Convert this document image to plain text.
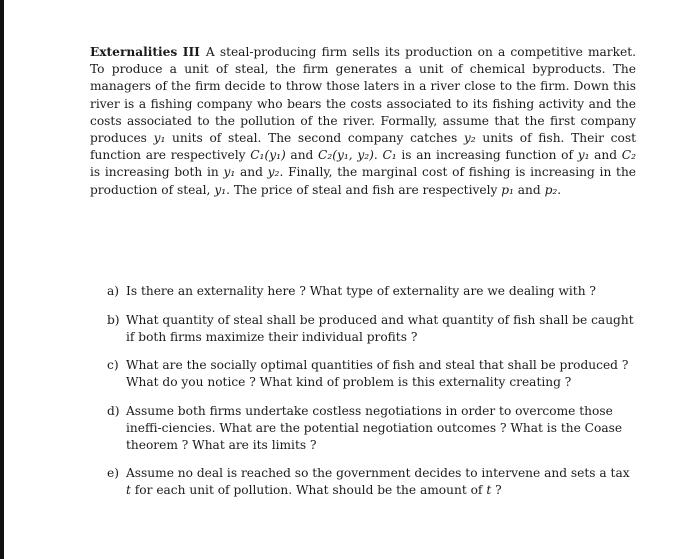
Externalities III A steal-producing firm sells its production on a competitive market. To produce a unit of steal, the firm generates a unit of chemical byproducts. The managers of the firm decide to throw those laters in a river close to the firm. Down this river is a fishing company who bears the costs associated to its fishing activity and the costs associated to the pollution of the river. Formally, assume that the first company produces y₁ units of steal. The second company catches y₂ units of fish. Their cost function are respectively C₁(y₁) and C₂(y₁, y₂). C₁ is an increasing function of y₁ and C₂ is increasing both in y₁ and y₂. Finally, the marginal cost of fishing is increasing in the production of steal, y₁. The price of steal and fish are respectively p₁ and p₂.

a) Is there an externality here ? What type of externality are we dealing with ?
b) What quantity of steal shall be produced and what quantity of fish shall be caught if both firms maximize their individual profits ?
c) What are the socially optimal quantities of fish and steal that shall be produced ? What do you notice ? What kind of problem is this externality creating ?
d) Assume both firms undertake costless negotiations in order to overcome those ineffi-ciencies. What are the potential negotiation outcomes ? What is the Coase theorem ? What are its limits ?
e) Assume no deal is reached so the government decides to intervene and sets a tax t for each unit of pollution. What should be the amount of t ?
